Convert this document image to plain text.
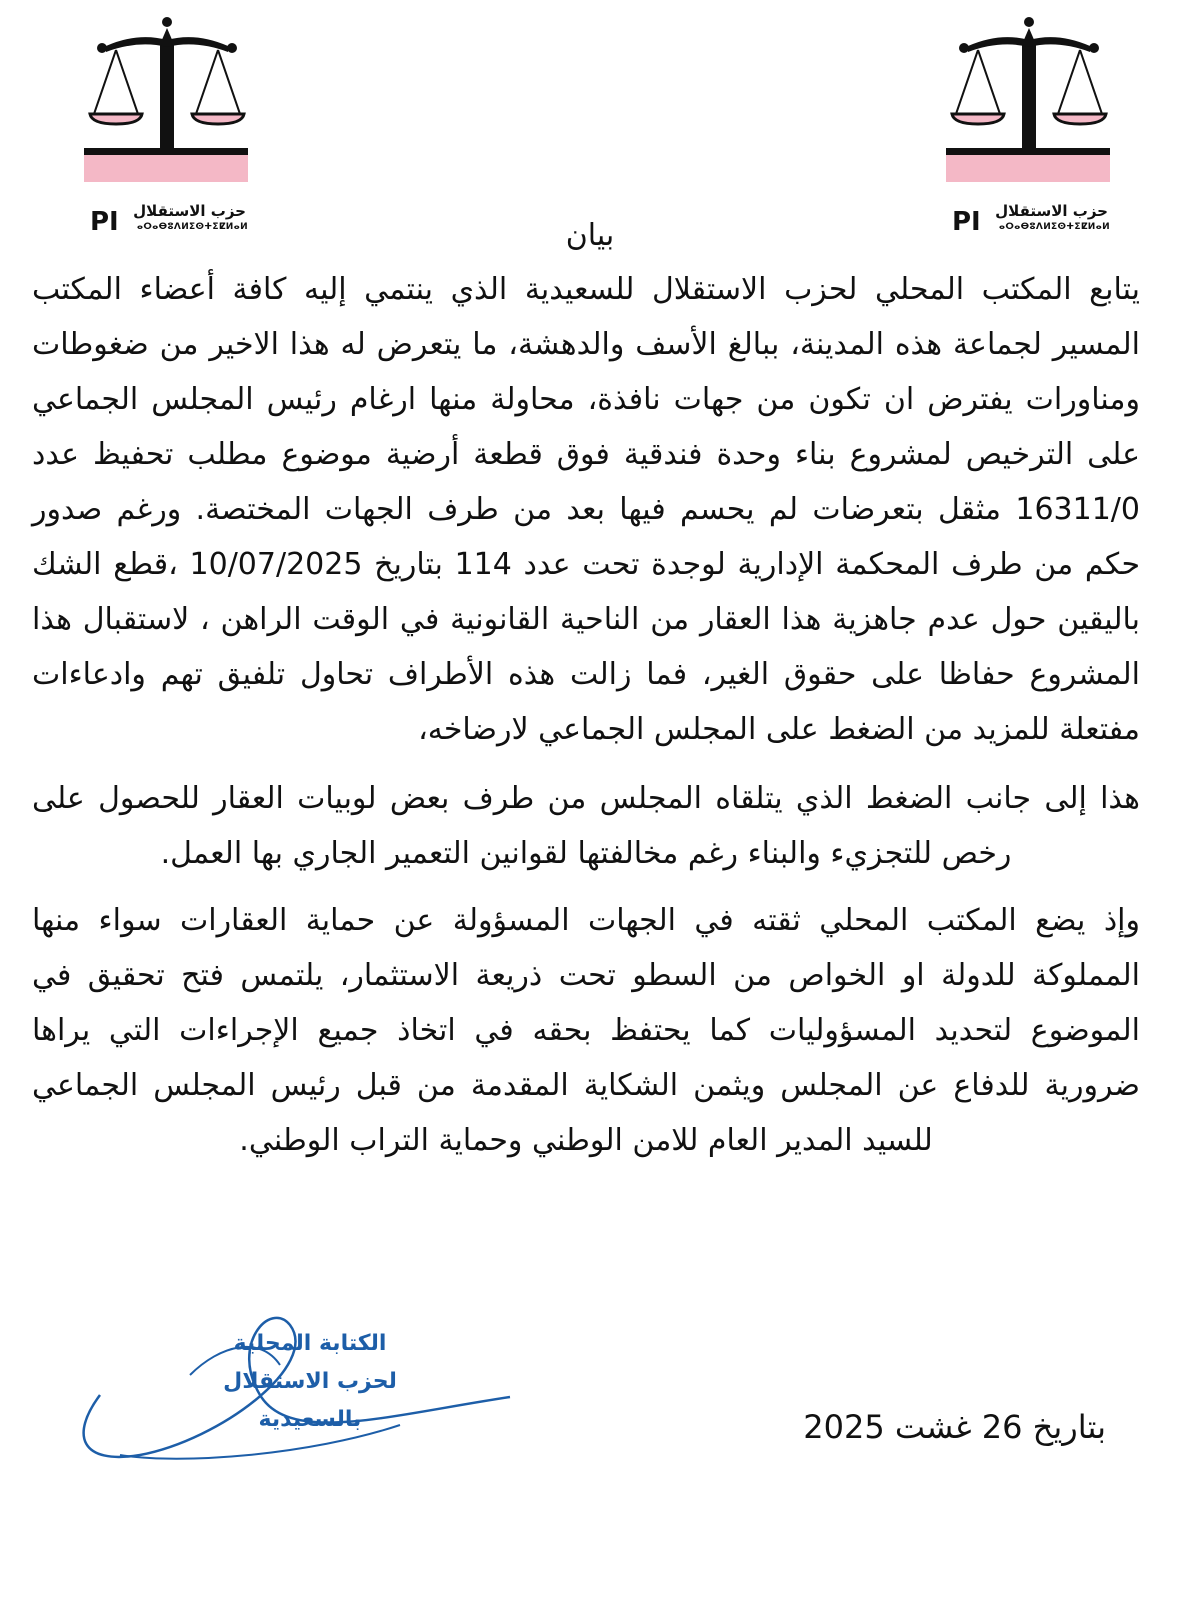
PI حزب الاستقلال
ⴰⵔⴰⴱⵓⴷⵍⵉⵙⵜⵉⵇⵍⴰⵍ	PI حزب الاستقلال
ⴰⵔⴰⴱⵓⴷⵍⵉⵙⵜⵉⵇⵍⴰⵍ
بيان

يتابع المكتب المحلي لحزب الاستقلال للسعيدية الذي ينتمي إليه كافة أعضاء المكتب المسير لجماعة هذه المدينة، ببالغ الأسف والدهشة، ما يتعرض له هذا الاخير من ضغوطات ومناورات يفترض ان تكون من جهات نافذة، محاولة منها ارغام رئيس المجلس الجماعي على الترخيص لمشروع بناء وحدة فندقية فوق قطعة أرضية موضوع مطلب تحفيظ عدد 16311/0 مثقل بتعرضات لم يحسم فيها بعد من طرف الجهات المختصة. ورغم صدور حكم من طرف المحكمة الإدارية لوجدة تحت عدد 114 بتاريخ 10/07/2025 ،قطع الشك باليقين حول عدم جاهزية هذا العقار من الناحية القانونية في الوقت الراهن ، لاستقبال هذا المشروع حفاظا على حقوق الغير، فما زالت هذه الأطراف تحاول تلفيق تهم وادعاءات مفتعلة للمزيد من الضغط على المجلس الجماعي لارضاخه،

هذا إلى جانب الضغط الذي يتلقاه المجلس من طرف بعض لوبيات العقار للحصول على رخص للتجزيء والبناء رغم مخالفتها لقوانين التعمير الجاري بها العمل.

وإذ يضع المكتب المحلي ثقته في الجهات المسؤولة عن حماية العقارات سواء منها المملوكة للدولة او الخواص من السطو تحت ذريعة الاستثمار، يلتمس فتح تحقيق في الموضوع لتحديد المسؤوليات كما يحتفظ بحقه في اتخاذ جميع الإجراءات التي يراها ضرورية للدفاع عن المجلس ويثمن الشكاية المقدمة من قبل رئيس المجلس الجماعي للسيد المدير العام للامن الوطني وحماية التراب الوطني.

الكتابة المحلية
لحزب الاستقلال
بالسعيدية	بتاريخ 26 غشت 2025
